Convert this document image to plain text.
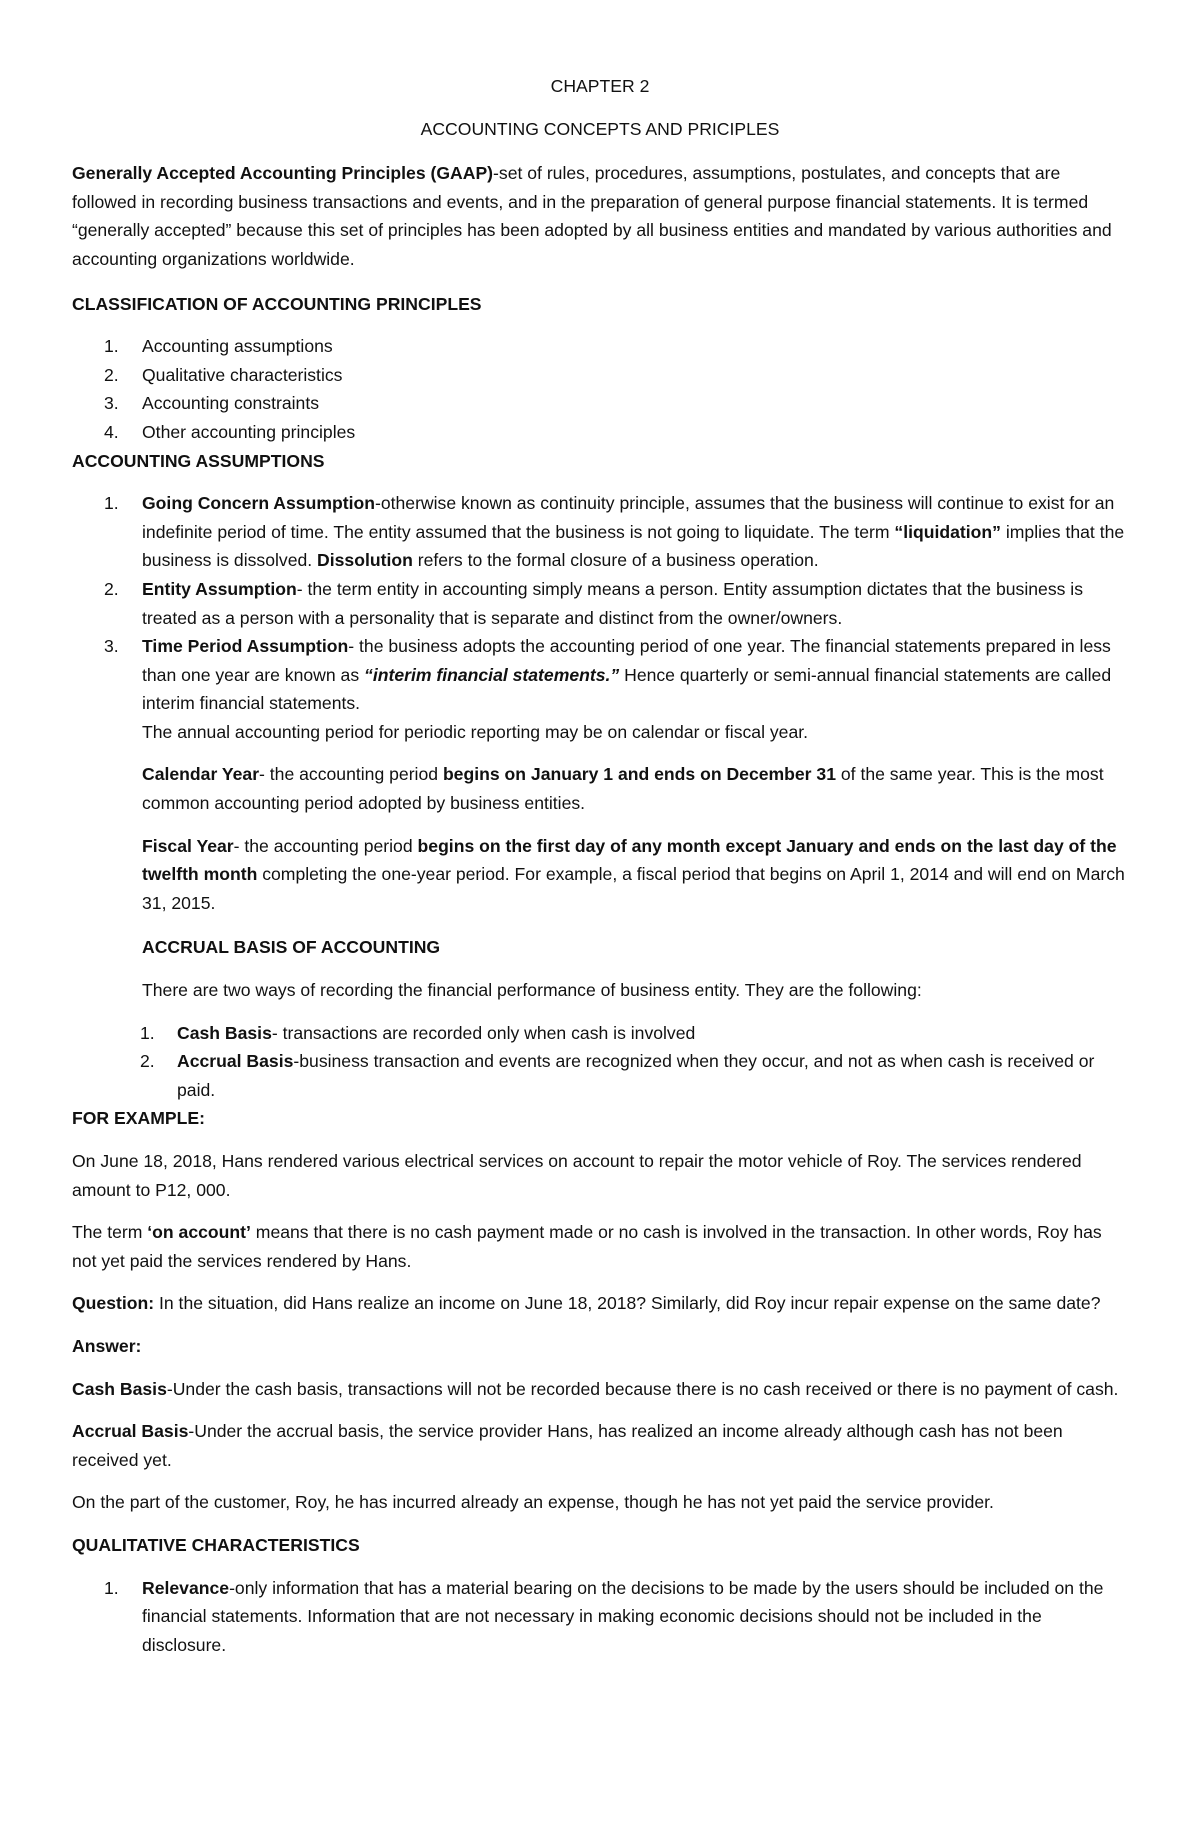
CHAPTER 2

ACCOUNTING CONCEPTS AND PRICIPLES

Generally Accepted Accounting Principles (GAAP)-set of rules, procedures, assumptions, postulates, and concepts that are followed in recording business transactions and events, and in the preparation of general purpose financial statements. It is termed “generally accepted” because this set of principles has been adopted by all business entities and mandated by various authorities and accounting organizations worldwide.

CLASSIFICATION OF ACCOUNTING PRINCIPLES

1. Accounting assumptions
2. Qualitative characteristics
3. Accounting constraints
4. Other accounting principles

ACCOUNTING ASSUMPTIONS

1. Going Concern Assumption-otherwise known as continuity principle, assumes that the business will continue to exist for an indefinite period of time. The entity assumed that the business is not going to liquidate. The term “liquidation” implies that the business is dissolved. Dissolution refers to the formal closure of a business operation.
2. Entity Assumption- the term entity in accounting simply means a person. Entity assumption dictates that the business is treated as a person with a personality that is separate and distinct from the owner/owners.
3. Time Period Assumption- the business adopts the accounting period of one year. The financial statements prepared in less than one year are known as “interim financial statements.” Hence quarterly or semi-annual financial statements are called interim financial statements.

The annual accounting period for periodic reporting may be on calendar or fiscal year.

Calendar Year- the accounting period begins on January 1 and ends on December 31 of the same year. This is the most common accounting period adopted by business entities.

Fiscal Year- the accounting period begins on the first day of any month except January and ends on the last day of the twelfth month completing the one-year period. For example, a fiscal period that begins on April 1, 2014 and will end on March 31, 2015.

ACCRUAL BASIS OF ACCOUNTING

There are two ways of recording the financial performance of business entity. They are the following:

1. Cash Basis- transactions are recorded only when cash is involved
2. Accrual Basis-business transaction and events are recognized when they occur, and not as when cash is received or paid.

FOR EXAMPLE:

On June 18, 2018, Hans rendered various electrical services on account to repair the motor vehicle of Roy. The services rendered amount to P12, 000.

The term ‘on account’ means that there is no cash payment made or no cash is involved in the transaction. In other words, Roy has not yet paid the services rendered by Hans.

Question: In the situation, did Hans realize an income on June 18, 2018? Similarly, did Roy incur repair expense on the same date?

Answer:

Cash Basis-Under the cash basis, transactions will not be recorded because there is no cash received or there is no payment of cash.

Accrual Basis-Under the accrual basis, the service provider Hans, has realized an income already although cash has not been received yet.

On the part of the customer, Roy, he has incurred already an expense, though he has not yet paid the service provider.

QUALITATIVE CHARACTERISTICS

1. Relevance-only information that has a material bearing on the decisions to be made by the users should be included on the financial statements. Information that are not necessary in making economic decisions should not be included in the disclosure.
